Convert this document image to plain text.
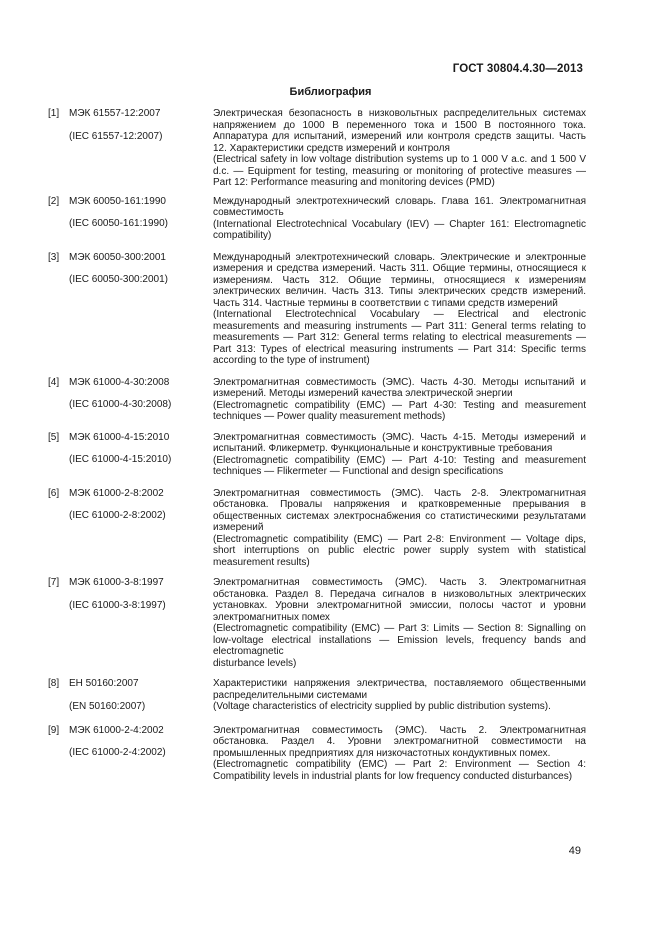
ГОСТ 30804.4.30—2013
Библиография
[1] МЭК 61557-12:2007
(IEC 61557-12:2007)

Электрическая безопасность в низковольтных распределительных системах напряжением до 1000 В переменного тока и 1500 В постоянного тока. Аппаратура для испытаний, измерений или контроля средств защиты. Часть 12. Характеристики средств измерений и контроля

(Electrical safety in low voltage distribution systems up to 1 000 V a.c. and 1 500 V d.c. — Equipment for testing, measuring or monitoring of protective measures — Part 12: Performance measuring and monitoring devices (PMD)

[2] МЭК 60050-161:1990
(IEC 60050-161:1990)

Международный электротехнический словарь. Глава 161. Электромагнитная совместимость

(International Electrotechnical Vocabulary (IEV) — Chapter 161: Electromagnetic compatibility)

[3] МЭК 60050-300:2001
(IEC 60050-300:2001)

Международный электротехнический словарь. Электрические и электронные измерения и средства измерений. Часть 311. Общие термины, относящиеся к измерениям. Часть 312. Общие термины, относящиеся к измерениям электрических величин. Часть 313. Типы электрических средств измерений. Часть 314. Частные термины в соответствии с типами средств измерений

(International Electrotechnical Vocabulary — Electrical and electronic measurements and measuring instruments — Part 311: General terms relating to measurements — Part 312: General terms relating to electrical measurements — Part 313: Types of electrical measuring instruments — Part 314: Specific terms according to the type of instrument)

[4] МЭК 61000-4-30:2008
(IEC 61000-4-30:2008)

Электромагнитная совместимость (ЭМС). Часть 4-30. Методы испытаний и измерений. Методы измерений качества электрической энергии

(Electromagnetic compatibility (EMC) — Part 4-30: Testing and measurement techniques — Power quality measurement methods)

[5] МЭК 61000-4-15:2010
(IEC 61000-4-15:2010)

Электромагнитная совместимость (ЭМС). Часть 4-15. Методы измерений и испытаний. Фликерметр. Функциональные и конструктивные требования

(Electromagnetic compatibility (EMC) — Part 4-10: Testing and measurement techniques — Flikermeter — Functional and design specifications

[6] МЭК 61000-2-8:2002
(IEC 61000-2-8:2002)

Электромагнитная совместимость (ЭМС). Часть 2-8. Электромагнитная обстановка. Провалы напряжения и кратковременные прерывания в общественных системах электроснабжения со статистическими результатами измерений

(Electromagnetic compatibility (EMC) — Part 2-8: Environment — Voltage dips, short interruptions on public electric power supply system with statistical measurement results)

[7] МЭК 61000-3-8:1997
(IEC 61000-3-8:1997)

Электромагнитная совместимость (ЭМС). Часть 3. Электромагнитная обстановка. Раздел 8. Передача сигналов в низковольтных электрических установках. Уровни электромагнитной эмиссии, полосы частот и уровни электромагнитных помех

(Electromagnetic compatibility (EMC) — Part 3: Limits — Section 8: Signalling on low-voltage electrical installations — Emission levels, frequency bands and electromagnetic

disturbance levels)

[8] ЕН 50160:2007
(EN 50160:2007)

Характеристики напряжения электричества, поставляемого общественными распределительными системами

(Voltage characteristics of electricity supplied by public distribution systems).

[9] МЭК 61000-2-4:2002
(IEC 61000-2-4:2002)

Электромагнитная совместимость (ЭМС). Часть 2. Электромагнитная обстановка. Раздел 4. Уровни электромагнитной совместимости на промышленных предприятиях для низкочастотных кондуктивных помех.

(Electromagnetic compatibility (EMC) — Part 2: Environment — Section 4: Compatibility levels in industrial plants for low frequency conducted disturbances)

49
